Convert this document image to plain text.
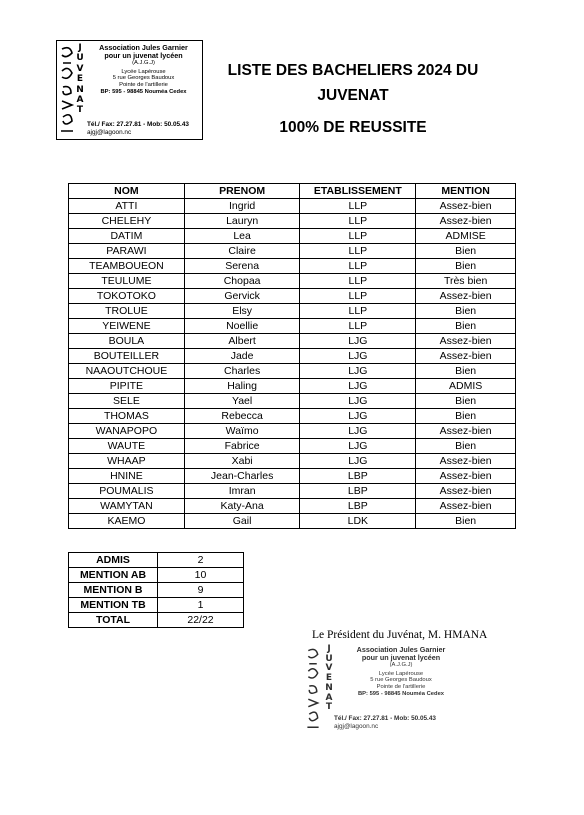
J
U
V
E
N
A
T
Association Jules Garnier
pour un juvenat lycéen
(A.J.G.J)
Lycée Lapérouse
5 rue Georges Baudoux
Pointe de l'artillerie
BP: 595 - 98845 Nouméa Cedex
Tél./ Fax: 27.27.81 - Mob: 50.05.43
ajgj@lagoon.nc
LISTE DES BACHELIERS 2024 DU
JUVENAT
100% DE REUSSITE
NOM	PRENOM	ETABLISSEMENT	MENTION
ATTI	Ingrid	LLP	Assez-bien
CHELEHY	Lauryn	LLP	Assez-bien
DATIM	Lea	LLP	ADMISE
PARAWI	Claire	LLP	Bien
TEAMBOUEON	Serena	LLP	Bien
TEULUME	Chopaa	LLP	Très bien
TOKOTOKO	Gervick	LLP	Assez-bien
TROLUE	Elsy	LLP	Bien
YEIWENE	Noellie	LLP	Bien
BOULA	Albert	LJG	Assez-bien
BOUTEILLER	Jade	LJG	Assez-bien
NAAOUTCHOUE	Charles	LJG	Bien
PIPITE	Haling	LJG	ADMIS
SELE	Yael	LJG	Bien
THOMAS	Rebecca	LJG	Bien
WANAPOPO	Waïmo	LJG	Assez-bien
WAUTE	Fabrice	LJG	Bien
WHAAP	Xabi	LJG	Assez-bien
HNINE	Jean-Charles	LBP	Assez-bien
POUMALIS	Imran	LBP	Assez-bien
WAMYTAN	Katy-Ana	LBP	Assez-bien
KAEMO	Gail	LDK	Bien
ADMIS	2
MENTION AB	10
MENTION B	9
MENTION TB	1
TOTAL	22/22
Le Président du Juvénat, M. HMANA
J
U
V
E
N
A
T
Association Jules Garnier
pour un juvenat lycéen
(A.J.G.J)
Lycée Lapérouse
5 rue Georges Baudoux
Pointe de l'artillerie
BP: 595 - 98845 Nouméa Cedex
Tél./ Fax: 27.27.81 - Mob: 50.05.43
ajgj@lagoon.nc
